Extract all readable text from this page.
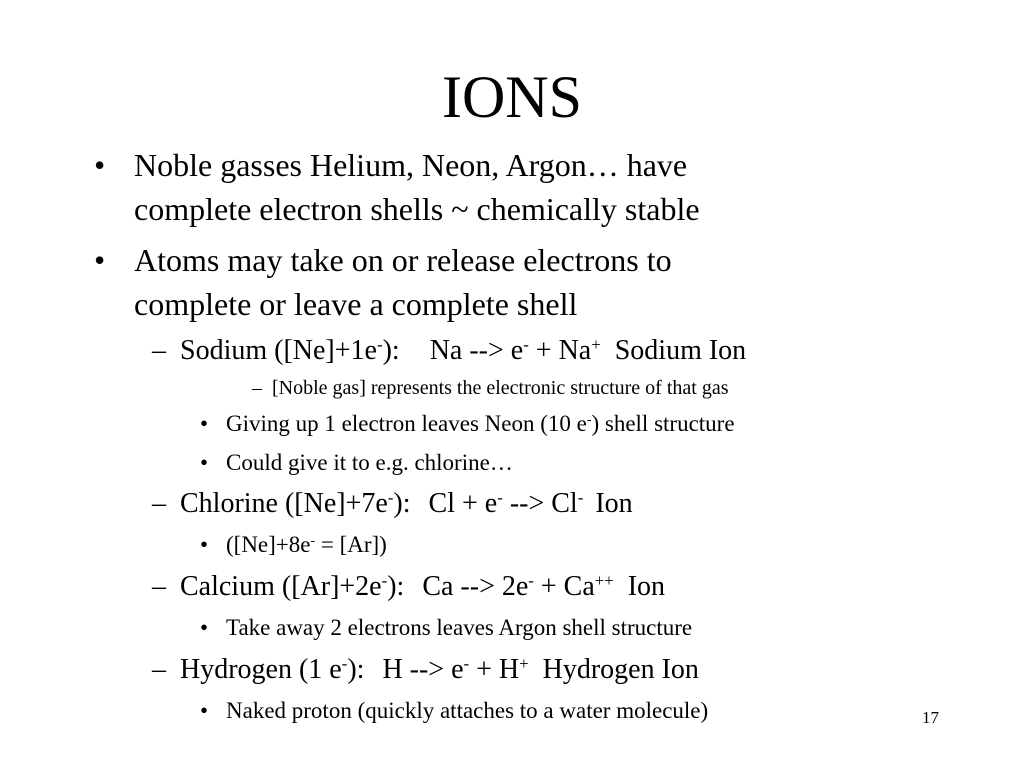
IONS
• Noble gasses Helium, Neon, Argon… have
complete electron shells ~ chemically stable
• Atoms may take on or release electrons to
complete or leave a complete shell
– Sodium ([Ne]+1e-): Na --> e- + Na+ Sodium Ion
– [Noble gas] represents the electronic structure of that gas
• Giving up 1 electron leaves Neon (10 e-) shell structure
• Could give it to e.g. chlorine…
– Chlorine ([Ne]+7e-): Cl + e- --> Cl- Ion
• ([Ne]+8e- = [Ar])
– Calcium ([Ar]+2e-): Ca --> 2e- + Ca++ Ion
• Take away 2 electrons leaves Argon shell structure
– Hydrogen (1 e-): H --> e- + H+ Hydrogen Ion
• Naked proton (quickly attaches to a water molecule)	17
